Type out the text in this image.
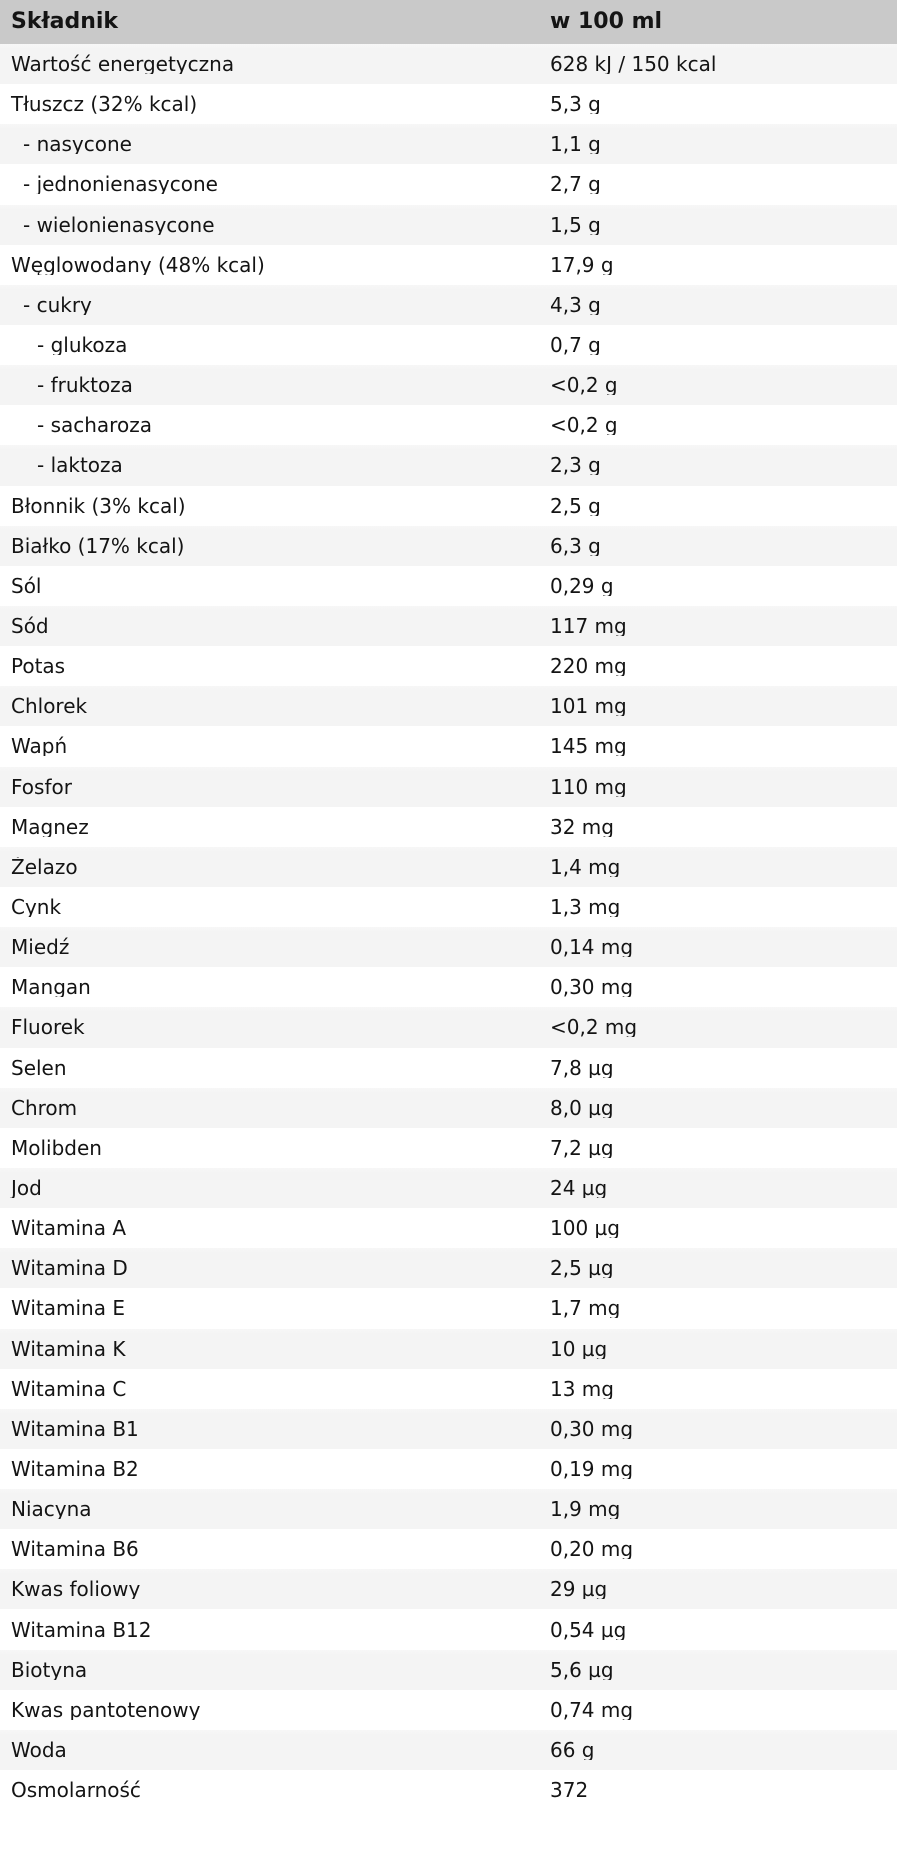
Składnik	w 100 ml
Wartość energetyczna	628 kJ / 150 kcal
Tłuszcz (32% kcal)	5,3 g
- nasycone	1,1 g
- jednonienasycone	2,7 g
- wielonienasycone	1,5 g
Węglowodany (48% kcal)	17,9 g
- cukry	4,3 g
- glukoza	0,7 g
- fruktoza	<0,2 g
- sacharoza	<0,2 g
- laktoza	2,3 g
Błonnik (3% kcal)	2,5 g
Białko (17% kcal)	6,3 g
Sól	0,29 g
Sód	117 mg
Potas	220 mg
Chlorek	101 mg
Wapń	145 mg
Fosfor	110 mg
Magnez	32 mg
Żelazo	1,4 mg
Cynk	1,3 mg
Miedź	0,14 mg
Mangan	0,30 mg
Fluorek	<0,2 mg
Selen	7,8 µg
Chrom	8,0 µg
Molibden	7,2 µg
Jod	24 µg
Witamina A	100 µg
Witamina D	2,5 µg
Witamina E	1,7 mg
Witamina K	10 µg
Witamina C	13 mg
Witamina B1	0,30 mg
Witamina B2	0,19 mg
Niacyna	1,9 mg
Witamina B6	0,20 mg
Kwas foliowy	29 µg
Witamina B12	0,54 µg
Biotyna	5,6 µg
Kwas pantotenowy	0,74 mg
Woda	66 g
Osmolarność	372
